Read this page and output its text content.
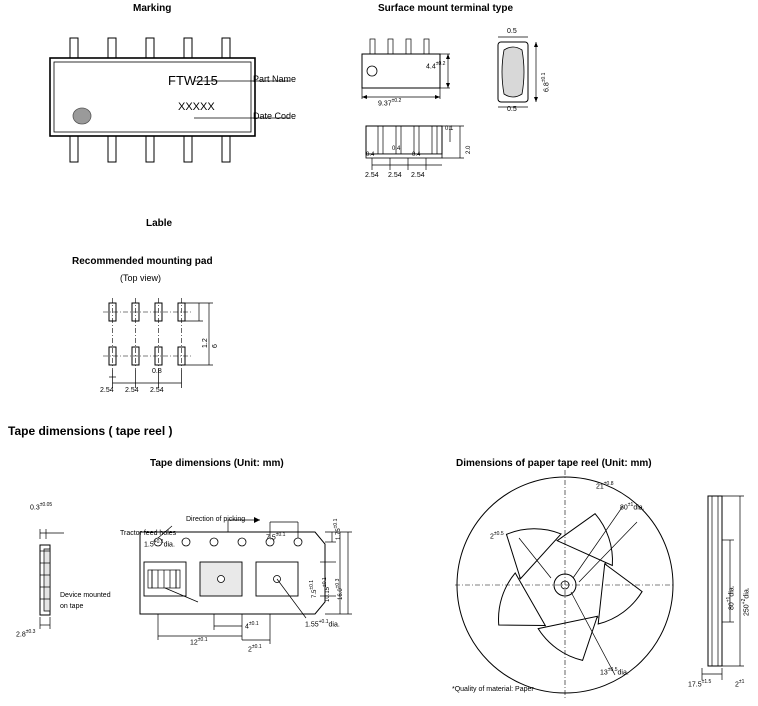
Marking
FTW215
XXXXX
Part Name
Date Code
Surface mount terminal type
$9.37^{\pm 0.2}$
$4.4^{\pm 0.2}$
0.5
0.5
$6.8^{\pm 0.1}$
0.4
0.4
0.4
0.1
2.0
2.54 2.54 2.54
Lable
Recommended mounting pad
(Top view)
6
1.2
0.8
2.54 2.54 2.54
Tape dimensions ( tape reel )
Tape dimensions (Unit: mm)	Dimensions of paper tape reel (Unit: mm)
$0.3^{\pm 0.05}$
$2.8^{\pm 0.3}$
Tractor feed holes
Direction of picking
$1.5^{+0.1}dia$.
$7.5^{\pm 0.1}$	$1.75^{\pm 0.1}$
Device mounted
on tape
$7.5^{\pm 0.1}$
$10.15^{\pm 0.1}$
$16.0^{\pm 0.3}$
$1.55^{+0.1}dia$.
$12^{\pm 0.1}$
$4^{\pm 0.1}$
$2^{\pm 0.1}$
$21^{\pm 0.8}$
$80^{\pm 1}dia$.
$2^{\pm 0.5}$
$13^{\pm 0.5}dia$.
*Quality of material: Paper
$80^{\pm 1}dia$.
$250^{+2}dia$.
$17.5^{\pm 1.5}$	$2^{\pm 1}$
